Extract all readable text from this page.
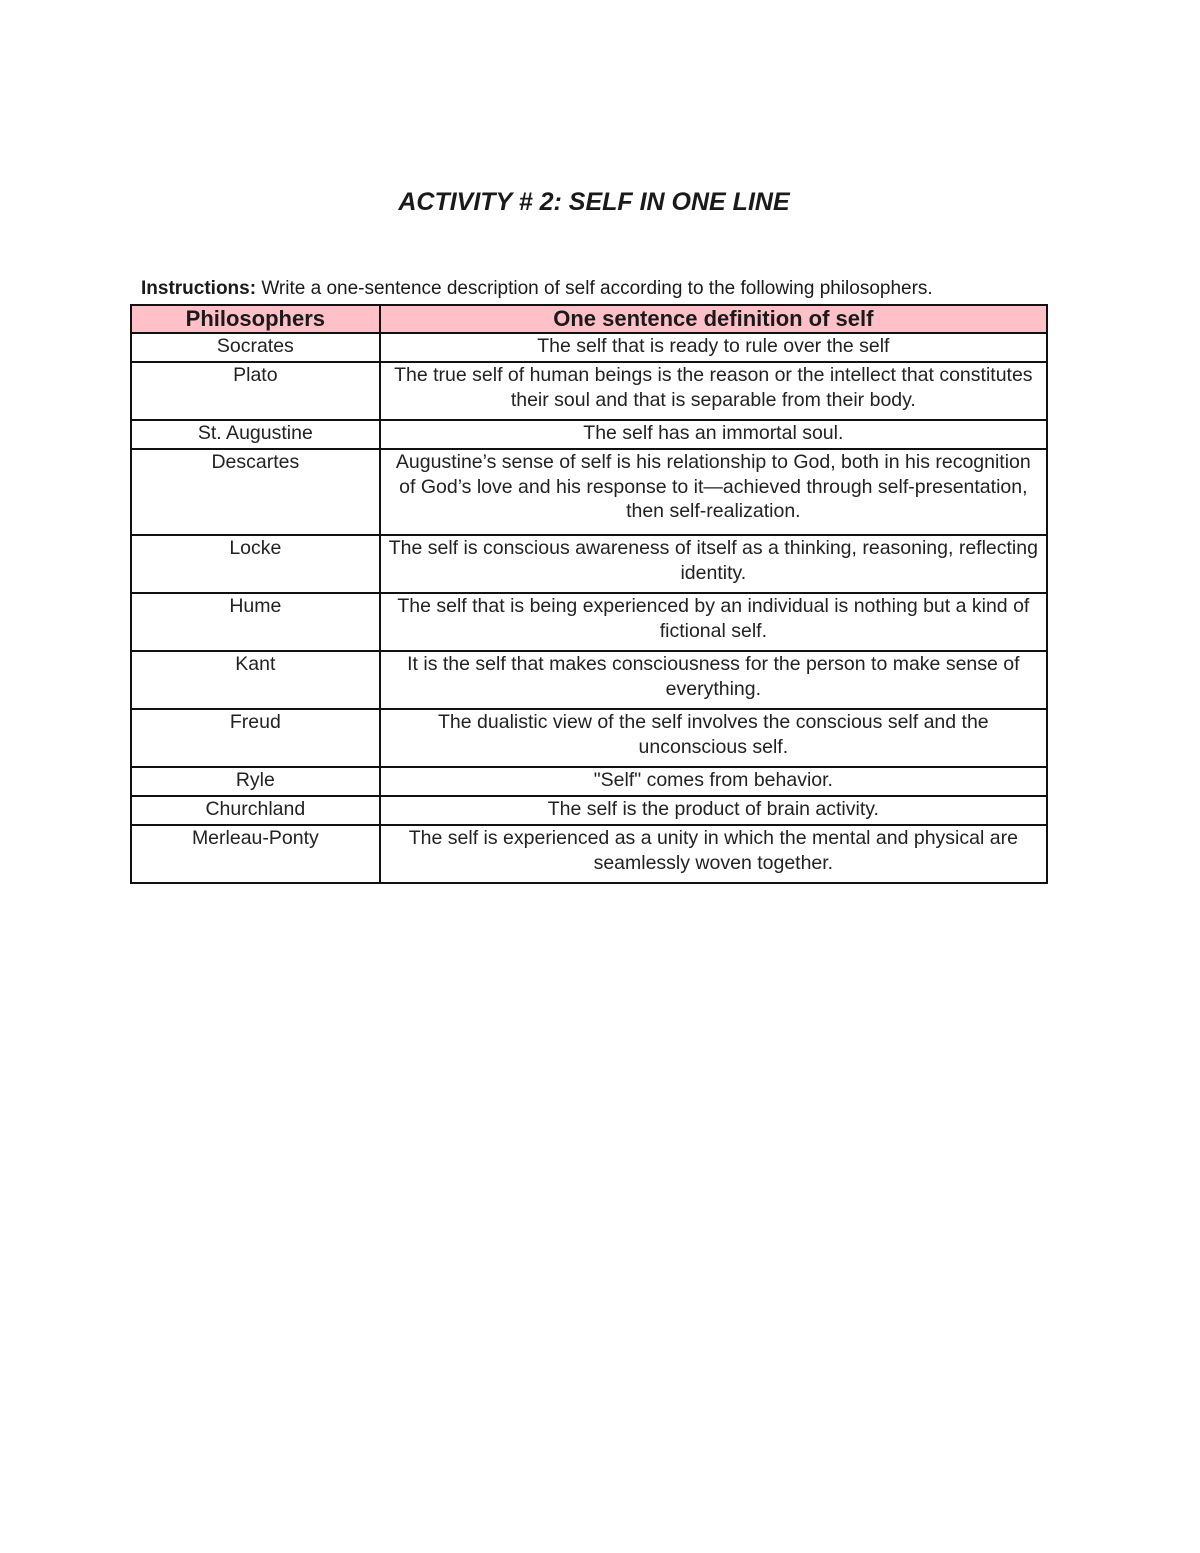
ACTIVITY # 2: SELF IN ONE LINE
Instructions: Write a one-sentence description of self according to the following philosophers.
Philosophers	One sentence definition of self
Socrates	The self that is ready to rule over the self
Plato	The true self of human beings is the reason or the intellect that constitutes their soul and that is separable from their body.
St. Augustine	The self has an immortal soul.
Descartes	Augustine’s sense of self is his relationship to God, both in his recognition of God’s love and his response to it—achieved through self-presentation, then self-realization.
Locke	The self is conscious awareness of itself as a thinking, reasoning, reflecting identity.
Hume	The self that is being experienced by an individual is nothing but a kind of fictional self.
Kant	It is the self that makes consciousness for the person to make sense of everything.
Freud	The dualistic view of the self involves the conscious self and the unconscious self.
Ryle	"Self" comes from behavior.
Churchland	The self is the product of brain activity.
Merleau-Ponty	The self is experienced as a unity in which the mental and physical are seamlessly woven together.
